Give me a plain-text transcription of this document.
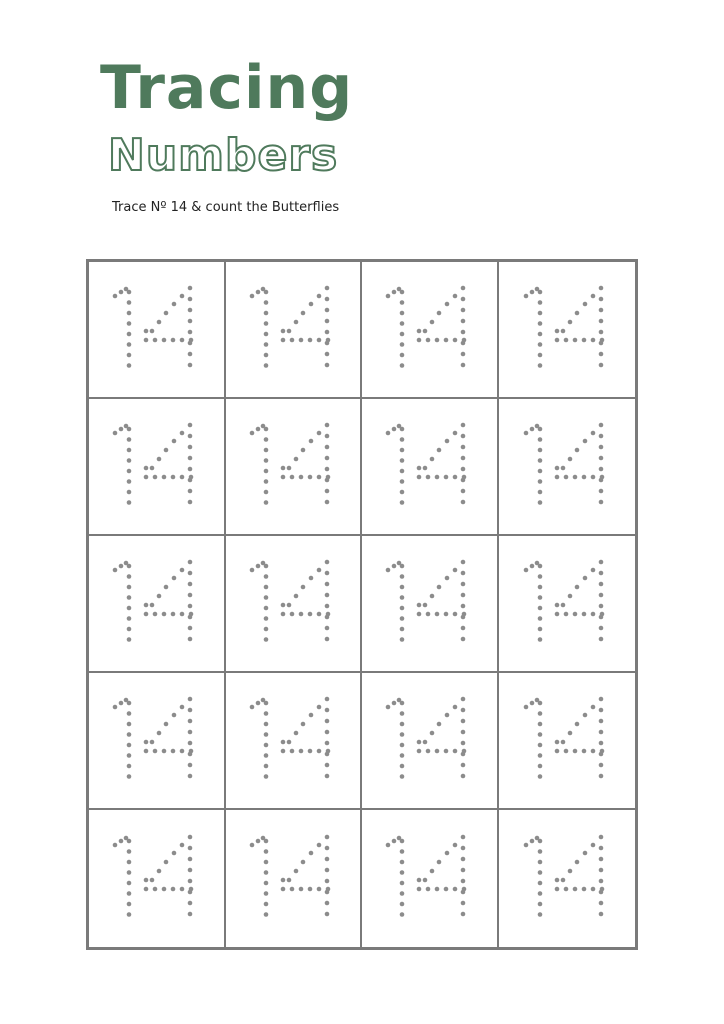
Tracing
Numbers
Trace Nº 14 & count the Butterflies
